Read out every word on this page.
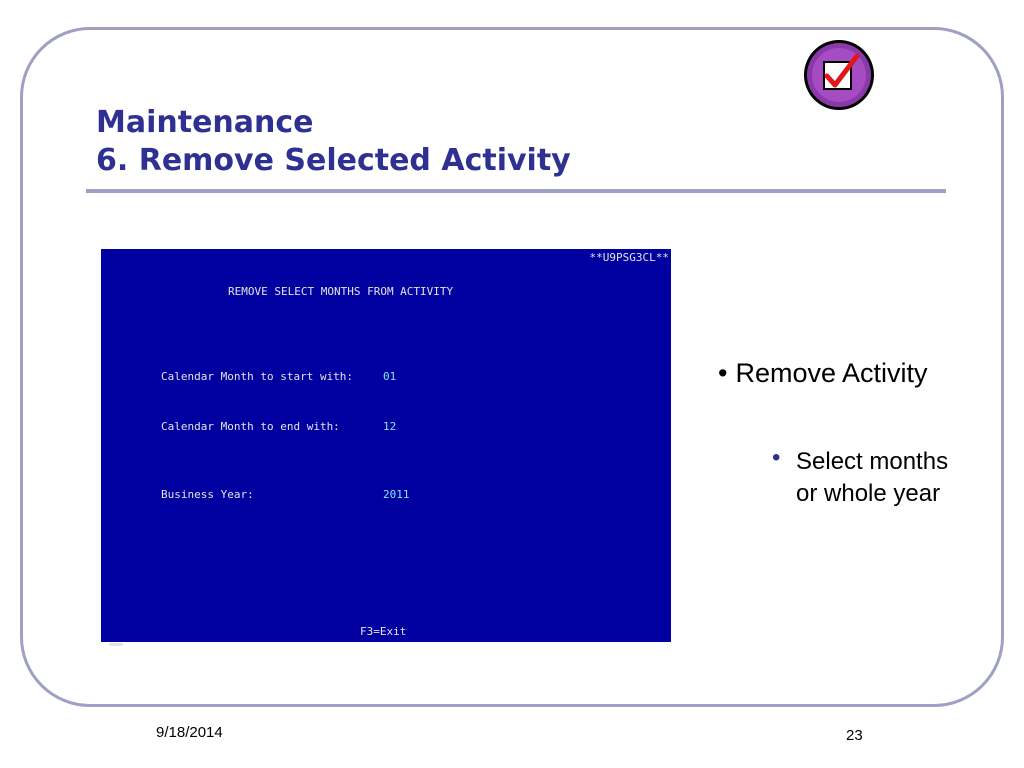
Maintenance
6. Remove Selected Activity
**U9PSG3CL**
REMOVE SELECT MONTHS FROM ACTIVITY
Calendar Month to start with:	01
Calendar Month to end with:	12
Business Year:	2011
F3=Exit
• Remove Activity
• Select months or whole year
9/18/2014	23
